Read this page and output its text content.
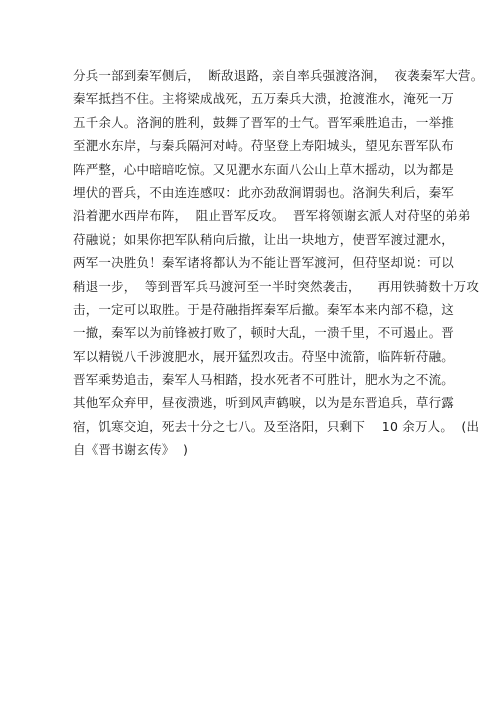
分兵一部到秦军侧后，  断敌退路，亲自率兵强渡洛涧，  夜袭秦军大营。
秦军抵挡不住。主将梁成战死，五万秦兵大溃，抢渡淮水，淹死一万
五千余人。洛涧的胜利，鼓舞了晋军的士气。晋军乘胜追击，一举推
至淝水东岸，与秦兵隔河对峙。苻坚登上寿阳城头，望见东晋军队布
阵严整，心中暗暗吃惊。又见淝水东面八公山上草木摇动，以为都是
埋伏的晋兵，不由连连感叹：此亦劲敌涧谓弱也。洛涧失利后，秦军
沿着淝水西岸布阵，  阻止晋军反攻。  晋军将领谢玄派人对苻坚的弟弟
苻融说；如果你把军队稍向后撤，让出一块地方，使晋军渡过淝水，
两军一决胜负！秦军诸将都认为不能让晋军渡河，但苻坚却说：可以
稍退一步，  等到晋军兵马渡河至一半时突然袭击，    再用铁骑数十万攻
击，一定可以取胜。于是苻融指挥秦军后撤。秦军本来内部不稳，这
一撤，秦军以为前锋被打败了，顿时大乱，一溃千里，不可遏止。晋
军以精锐八千涉渡肥水，展开猛烈攻击。苻坚中流箭，临阵斩苻融。
晋军乘势追击，秦军人马相踏，投水死者不可胜计，肥水为之不流。
其他军众弃甲，昼夜溃逃，听到风声鹤唳，以为是东晋追兵，草行露
宿，饥寒交迫，死去十分之七八。及至洛阳，只剩下    10 余万人。  (出
自《晋书谢玄传》  )
